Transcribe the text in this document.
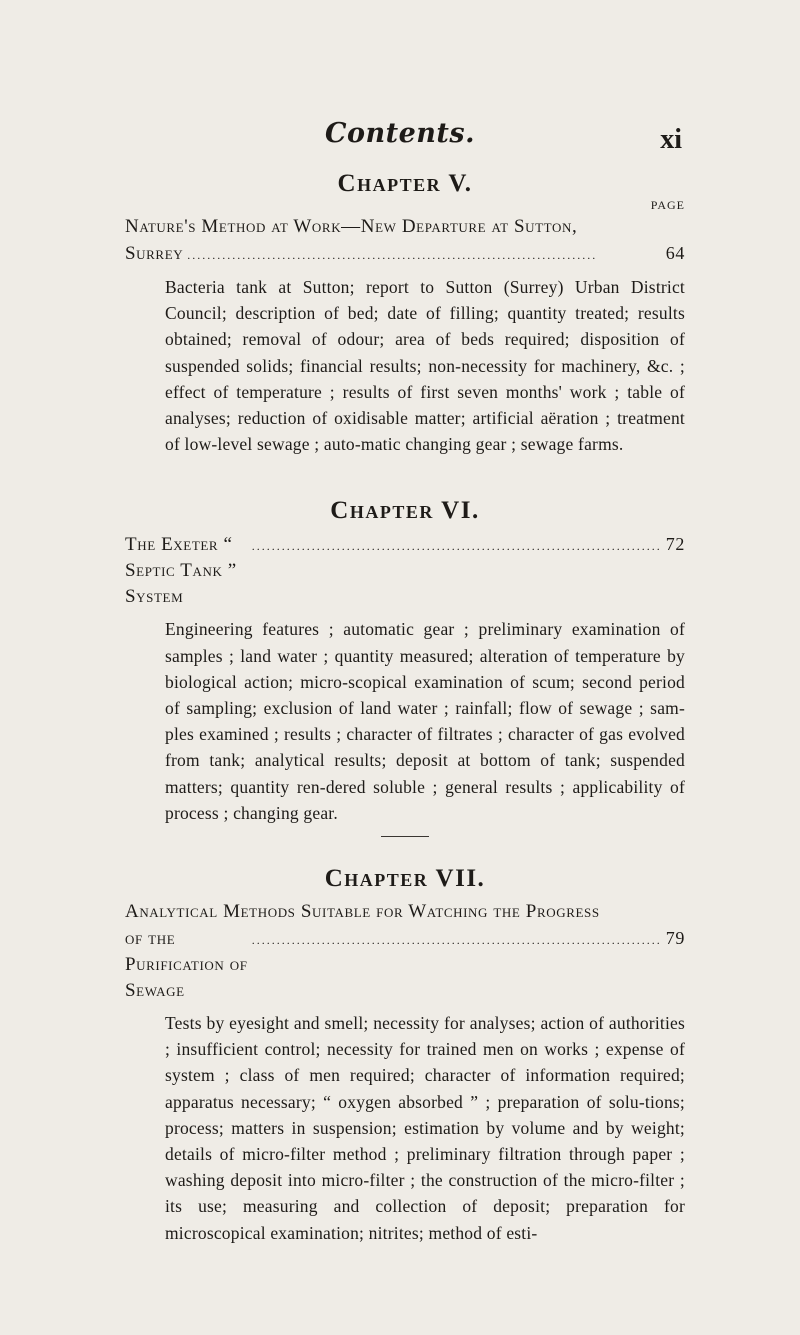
Contents.	xi
Chapter V.
PAGE
Nature's Method at Work—New Departure at Sutton,
Surrey ..................................................................................	64

Bacteria tank at Sutton; report to Sutton (Surrey) Urban District Council; description of bed; date of filling; quantity treated; results obtained; removal of odour; area of beds required; disposition of suspended solids; financial results; non-necessity for machinery, &c. ; effect of temperature ; results of first seven months' work ; table of analyses; reduction of oxidisable matter; artificial aëration ; treatment of low-level sewage ; auto-matic changing gear ; sewage farms.

Chapter VI.
The Exeter “ Septic Tank ” System
.................................................................................. 72

Engineering features ; automatic gear ; preliminary examination of samples ; land water ; quantity measured; alteration of temperature by biological action; micro-scopical examination of scum; second period of sampling; exclusion of land water ; rainfall; flow of sewage ; sam-ples examined ; results ; character of filtrates ; character of gas evolved from tank; analytical results; deposit at bottom of tank; suspended matters; quantity ren-dered soluble ; general results ; applicability of process ; changing gear.

Chapter VII.
Analytical Methods Suitable for Watching the Progress
of the Purification of Sewage
.................................................................................. 79

Tests by eyesight and smell; necessity for analyses; action of authorities ; insufficient control; necessity for trained men on works ; expense of system ; class of men required; character of information required; apparatus necessary; “ oxygen absorbed ” ; preparation of solu-tions; process; matters in suspension; estimation by volume and by weight; details of micro-filter method ; preliminary filtration through paper ; washing deposit into micro-filter ; the construction of the micro-filter ; its use; measuring and collection of deposit; preparation for microscopical examination; nitrites; method of esti-
